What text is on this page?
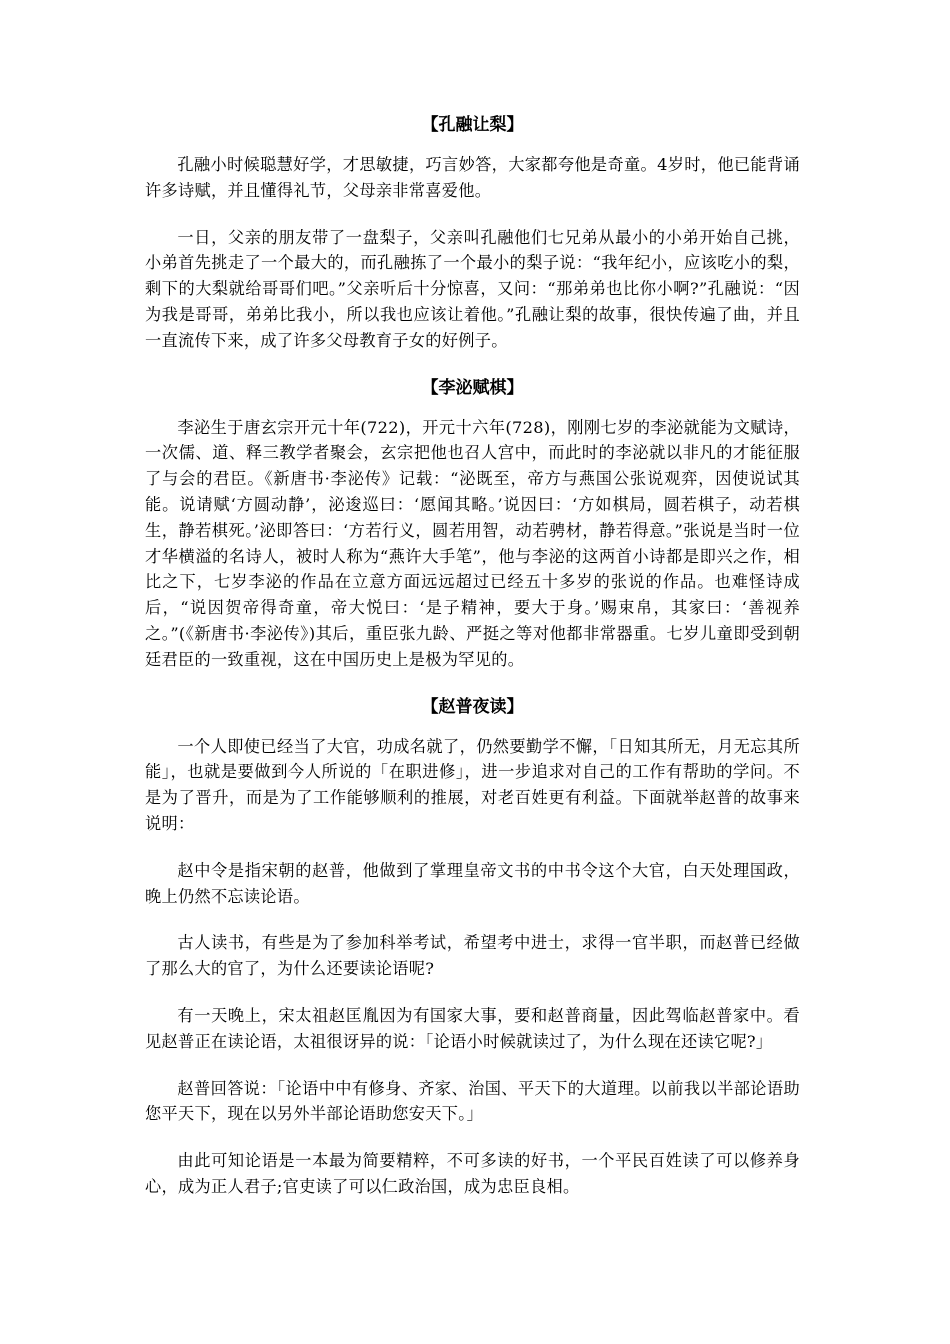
【孔融让梨】

孔融小时候聪慧好学，才思敏捷，巧言妙答，大家都夸他是奇童。4岁时，他已能背诵许多诗赋，并且懂得礼节，父母亲非常喜爱他。

一日，父亲的朋友带了一盘梨子，父亲叫孔融他们七兄弟从最小的小弟开始自己挑，小弟首先挑走了一个最大的，而孔融拣了一个最小的梨子说：“我年纪小，应该吃小的梨，剩下的大梨就给哥哥们吧。”父亲听后十分惊喜，又问：“那弟弟也比你小啊?”孔融说：“因为我是哥哥，弟弟比我小，所以我也应该让着他。”孔融让梨的故事，很快传遍了曲，并且一直流传下来，成了许多父母教育子女的好例子。

【李泌赋棋】

李泌生于唐玄宗开元十年(722)，开元十六年(728)，刚刚七岁的李泌就能为文赋诗，一次儒、道、释三教学者聚会，玄宗把他也召人宫中，而此时的李泌就以非凡的才能征服了与会的君臣。《新唐书·李泌传》记载：“泌既至，帝方与燕国公张说观弈，因使说试其能。说请赋‘方圆动静’，泌逡巡曰：‘愿闻其略。’说因曰：‘方如棋局，圆若棋子，动若棋生，静若棋死。’泌即答曰：‘方若行义，圆若用智，动若骋材，静若得意。”张说是当时一位才华横溢的名诗人，被时人称为“燕许大手笔”，他与李泌的这两首小诗都是即兴之作，相比之下，七岁李泌的作品在立意方面远远超过已经五十多岁的张说的作品。也难怪诗成后，“说因贺帝得奇童，帝大悦曰：‘是子精神，要大于身。’赐束帛，其家曰：‘善视养之。”(《新唐书·李泌传》)其后，重臣张九龄、严挺之等对他都非常器重。七岁儿童即受到朝廷君臣的一致重视，这在中国历史上是极为罕见的。

【赵普夜读】

一个人即使已经当了大官，功成名就了，仍然要勤学不懈，「日知其所无，月无忘其所能」，也就是要做到今人所说的「在职进修」，进一步追求对自己的工作有帮助的学问。不是为了晋升，而是为了工作能够顺利的推展，对老百姓更有利益。下面就举赵普的故事来说明：

赵中令是指宋朝的赵普，他做到了掌理皇帝文书的中书令这个大官，白天处理国政，晚上仍然不忘读论语。

古人读书，有些是为了参加科举考试，希望考中进士，求得一官半职，而赵普已经做了那么大的官了，为什么还要读论语呢?

有一天晚上，宋太祖赵匡胤因为有国家大事，要和赵普商量，因此驾临赵普家中。看见赵普正在读论语，太祖很讶异的说：「论语小时候就读过了，为什么现在还读它呢?」

赵普回答说：「论语中中有修身、齐家、治国、平天下的大道理。以前我以半部论语助您平天下，现在以另外半部论语助您安天下。」

由此可知论语是一本最为简要精粹，不可多读的好书，一个平民百姓读了可以修养身心，成为正人君子;官吏读了可以仁政治国，成为忠臣良相。
